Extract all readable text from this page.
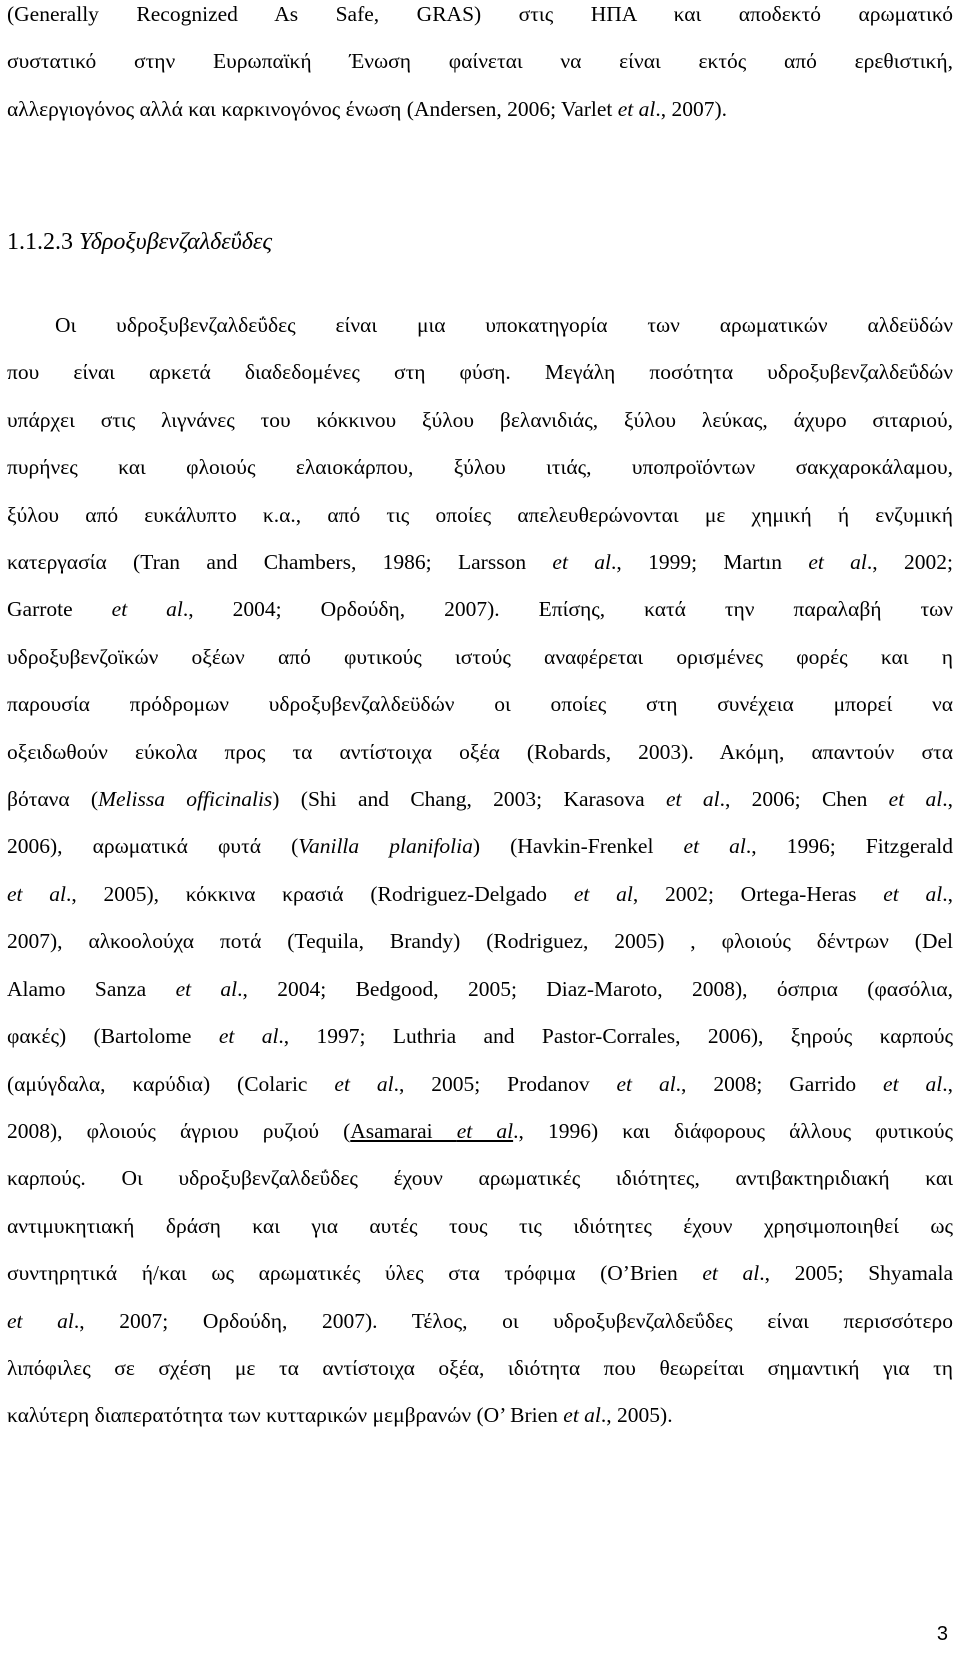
(Generally Recognized As Safe, GRAS) στις ΗΠΑ και αποδεκτό αρωματικό
συστατικό στην Ευρωπαϊκή Ένωση φαίνεται να είναι εκτός από ερεθιστική,
αλλεργιογόνος αλλά και καρκινογόνος ένωση (Andersen, 2006; Varlet et al., 2007).

1.1.2.3 Υδροξυβενζαλδεΰδες

Οι υδροξυβενζαλδεΰδες είναι μια υποκατηγορία των αρωματικών αλδεϋδών
που είναι αρκετά διαδεδομένες στη φύση. Μεγάλη ποσότητα υδροξυβενζαλδεΰδών
υπάρχει στις λιγνάνες του κόκκινου ξύλου βελανιδιάς, ξύλου λεύκας, άχυρο σιταριού,
πυρήνες και φλοιούς ελαιοκάρπου, ξύλου ιτιάς, υποπροϊόντων σακχαροκάλαμου,
ξύλου από ευκάλυπτο κ.α., από τις οποίες απελευθερώνονται με χημική ή ενζυμική
κατεργασία (Tran and Chambers, 1986; Larsson et al., 1999; Martın et al., 2002;
Garrote et al., 2004; Ορδούδη, 2007). Επίσης, κατά την παραλαβή των
υδροξυβενζοϊκών οξέων από φυτικούς ιστούς αναφέρεται ορισμένες φορές και η
παρουσία πρόδρομων υδροξυβενζαλδεϋδών οι οποίες στη συνέχεια μπορεί να
οξειδωθούν εύκολα προς τα αντίστοιχα οξέα (Robards, 2003). Ακόμη, απαντούν στα
βότανα (Melissa officinalis) (Shi and Chang, 2003; Karasova et al., 2006; Chen et al.,
2006), αρωματικά φυτά (Vanilla planifolia) (Havkin-Frenkel et al., 1996; Fitzgerald
et al., 2005), κόκκινα κρασιά (Rodriguez-Delgado et al, 2002; Ortega-Heras et al.,
2007), αλκοολούχα ποτά (Tequila, Brandy) (Rodriguez, 2005) , φλοιούς δέντρων (Del
Alamo Sanza et al., 2004; Bedgood, 2005; Diaz-Maroto, 2008), όσπρια (φασόλια,
φακές) (Bartolome et al., 1997; Luthria and Pastor-Corrales, 2006), ξηρούς καρπούς
(αμύγδαλα, καρύδια) (Colaric et al., 2005; Prodanov et al., 2008; Garrido et al.,
2008), φλοιούς άγριου ρυζιού (Asamarai et al., 1996) και διάφορους άλλους φυτικούς
καρπούς. Οι υδροξυβενζαλδεΰδες έχουν αρωματικές ιδιότητες, αντιβακτηριδιακή και
αντιμυκητιακή δράση και για αυτές τους τις ιδιότητες έχουν χρησιμοποιηθεί ως
συντηρητικά ή/και ως αρωματικές ύλες στα τρόφιμα (O’Brien et al., 2005; Shyamala
et al., 2007; Ορδούδη, 2007). Τέλος, οι υδροξυβενζαλδεΰδες είναι περισσότερο
λιπόφιλες σε σχέση με τα αντίστοιχα οξέα, ιδιότητα που θεωρείται σημαντική για τη
καλύτερη διαπερατότητα των κυτταρικών μεμβρανών (O’ Brien et al., 2005).

3
